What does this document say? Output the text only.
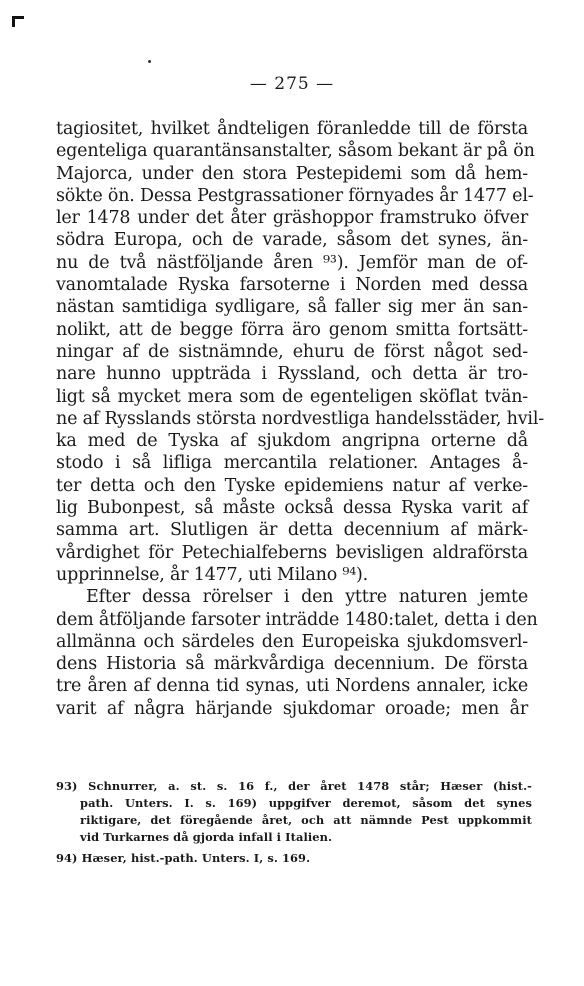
— 275 —
tagiositet, hvilket åndteligen föranledde till de första
egenteliga quarantänsanstalter, såsom bekant är på ön
Majorca, under den stora Pestepidemi som då hem-
sökte ön. Dessa Pestgrassationer förnyades år 1477 el-
ler 1478 under det åter gräshoppor framstruko öfver
södra Europa, och de varade, såsom det synes, än-
nu de två nästföljande åren ⁹³). Jemför man de of-
vanomtalade Ryska farsoterne i Norden med dessa
nästan samtidiga sydligare, så faller sig mer än san-
nolikt, att de begge förra äro genom smitta fortsätt-
ningar af de sistnämnde, ehuru de först något sed-
nare hunno uppträda i Ryssland, och detta är tro-
ligt så mycket mera som de egenteligen sköflat tvän-
ne af Rysslands största nordvestliga handelsstäder, hvil-
ka med de Tyska af sjukdom angripna orterne då
stodo i så lifliga mercantila relationer. Antages å-
ter detta och den Tyske epidemiens natur af verke-
lig Bubonpest, så måste också dessa Ryska varit af
samma art. Slutligen är detta decennium af märk-
vårdighet för Petechialfeberns bevisligen aldraförsta
upprinnelse, år 1477, uti Milano ⁹⁴).
Efter dessa rörelser i den yttre naturen jemte
dem åtföljande farsoter inträdde 1480:talet, detta i den
allmänna och särdeles den Europeiska sjukdomsverl-
dens Historia så märkvårdiga decennium. De första
tre åren af denna tid synas, uti Nordens annaler, icke
varit af några härjande sjukdomar oroade; men år
93) Schnurrer, a. st. s. 16 f., der året 1478 står; Hæser (hist.-
path. Unters. I. s. 169) uppgifver deremot, såsom det synes
riktigare, det föregående året, och att nämnde Pest uppkommit
vid Turkarnes då gjorda infall i Italien.
94) Hæser, hist.-path. Unters. I, s. 169.
